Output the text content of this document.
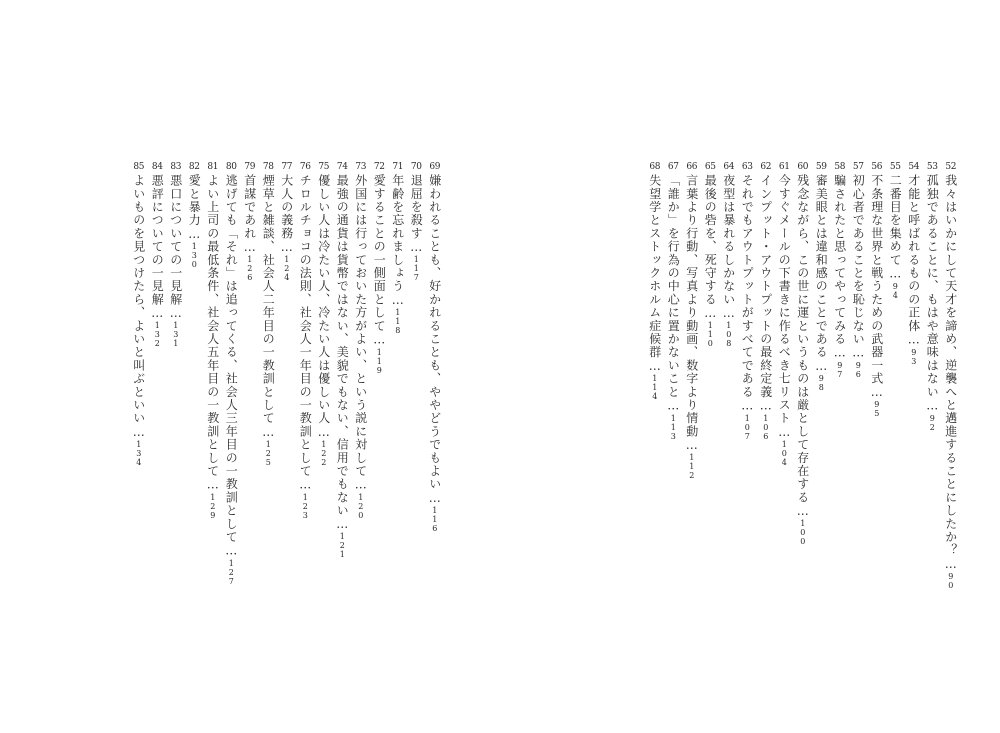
69
嫌われることも、好かれることも、ややどうでもよい…
116
70
退屈を殺す…
117
71
年齢を忘れましょう…
118
72
愛することの一側面として…
119
73
外国には行っておいた方がよい、という説に対して…
120
74
最強の通貨は貨幣ではない、美貌でもない、信用でもない…
121
75
優しい人は冷たい人、冷たい人は優しい人…
122
76
チロルチョコの法則、社会人一年目の一教訓として…
123
77
大人の義務…
124
78
煙草と雑談、社会人二年目の一教訓として…
125
79
首謀であれ…
126
80
逃げても「それ」は追ってくる、社会人三年目の一教訓として…
127
81
よい上司の最低条件、社会人五年目の一教訓として…
129
82
愛と暴力…
130
83
悪口についての一見解…
131
84
悪評についての一見解…
132
85
よいものを見つけたら、よいと叫ぶといい…
134
52
我々はいかにして天才を諦め、逆襲へと邁進することにしたか？…
90
53
孤独であることに、もはや意味はない…
92
54
才能と呼ばれるものの正体…
93
55
二番目を集めて…
94
56
不条理な世界と戦うための武器一式…
95
57
初心者であることを恥じない…
96
58
騙されたと思ってやってみる…
97
59
審美眼とは違和感のことである…
98
60
残念ながら、この世に運というものは厳として存在する…
100
61
今すぐメールの下書きに作るべき七リスト…
104
62
インプット・アウトプットの最終定義…
106
63
それでもアウトプットがすべてである…
107
64
夜型は暴れるしかない…
108
65
最後の砦を、死守する…
110
66
言葉より行動、写真より動画、数字より情動…
112
67
「誰か」を行為の中心に置かないこと…
113
68
失望学とストックホルム症候群…
114
